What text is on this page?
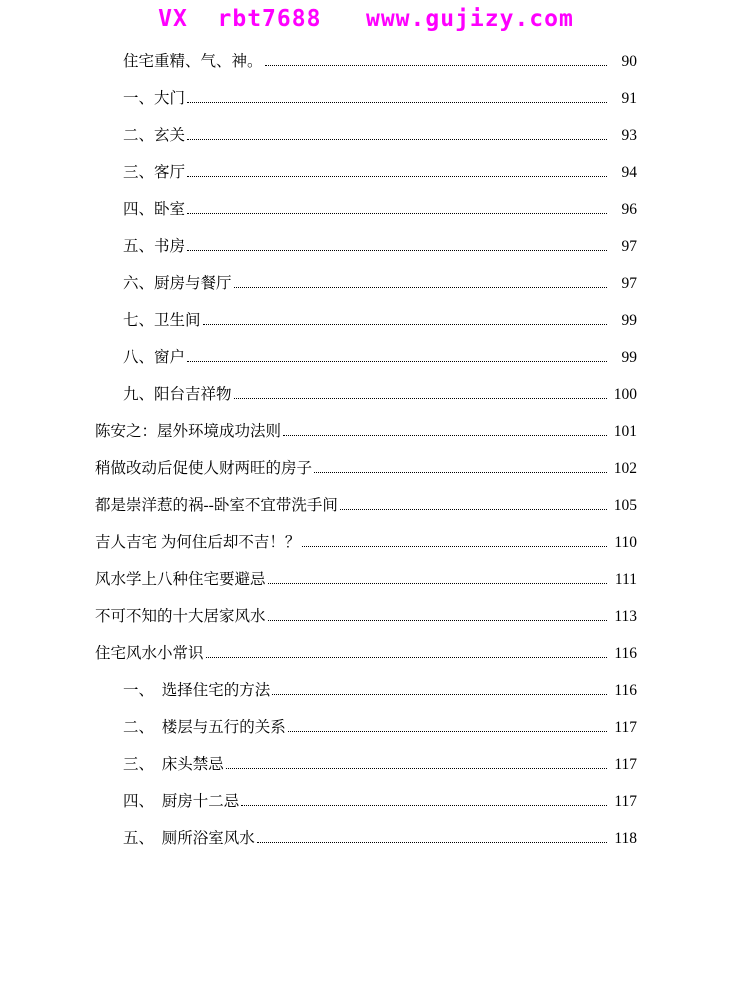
VX  rbt7688   www.gujizy.com
住宅重精、气、神。	90
一、大门	91
二、玄关	93
三、客厅	94
四、卧室	96
五、书房	97
六、厨房与餐厅	97
七、卫生间	99
八、窗户	99
九、阳台吉祥物	100
陈安之：屋外环境成功法则	101
稍做改动后促使人财两旺的房子	102
都是崇洋惹的祸--卧室不宜带洗手间	105
吉人吉宅 为何住后却不吉！？	110
风水学上八种住宅要避忌	111
不可不知的十大居家风水	113
住宅风水小常识	116
一、　选择住宅的方法	116
二、　楼层与五行的关系	117
三、　床头禁忌	117
四、　厨房十二忌	117
五、　厕所浴室风水	118
